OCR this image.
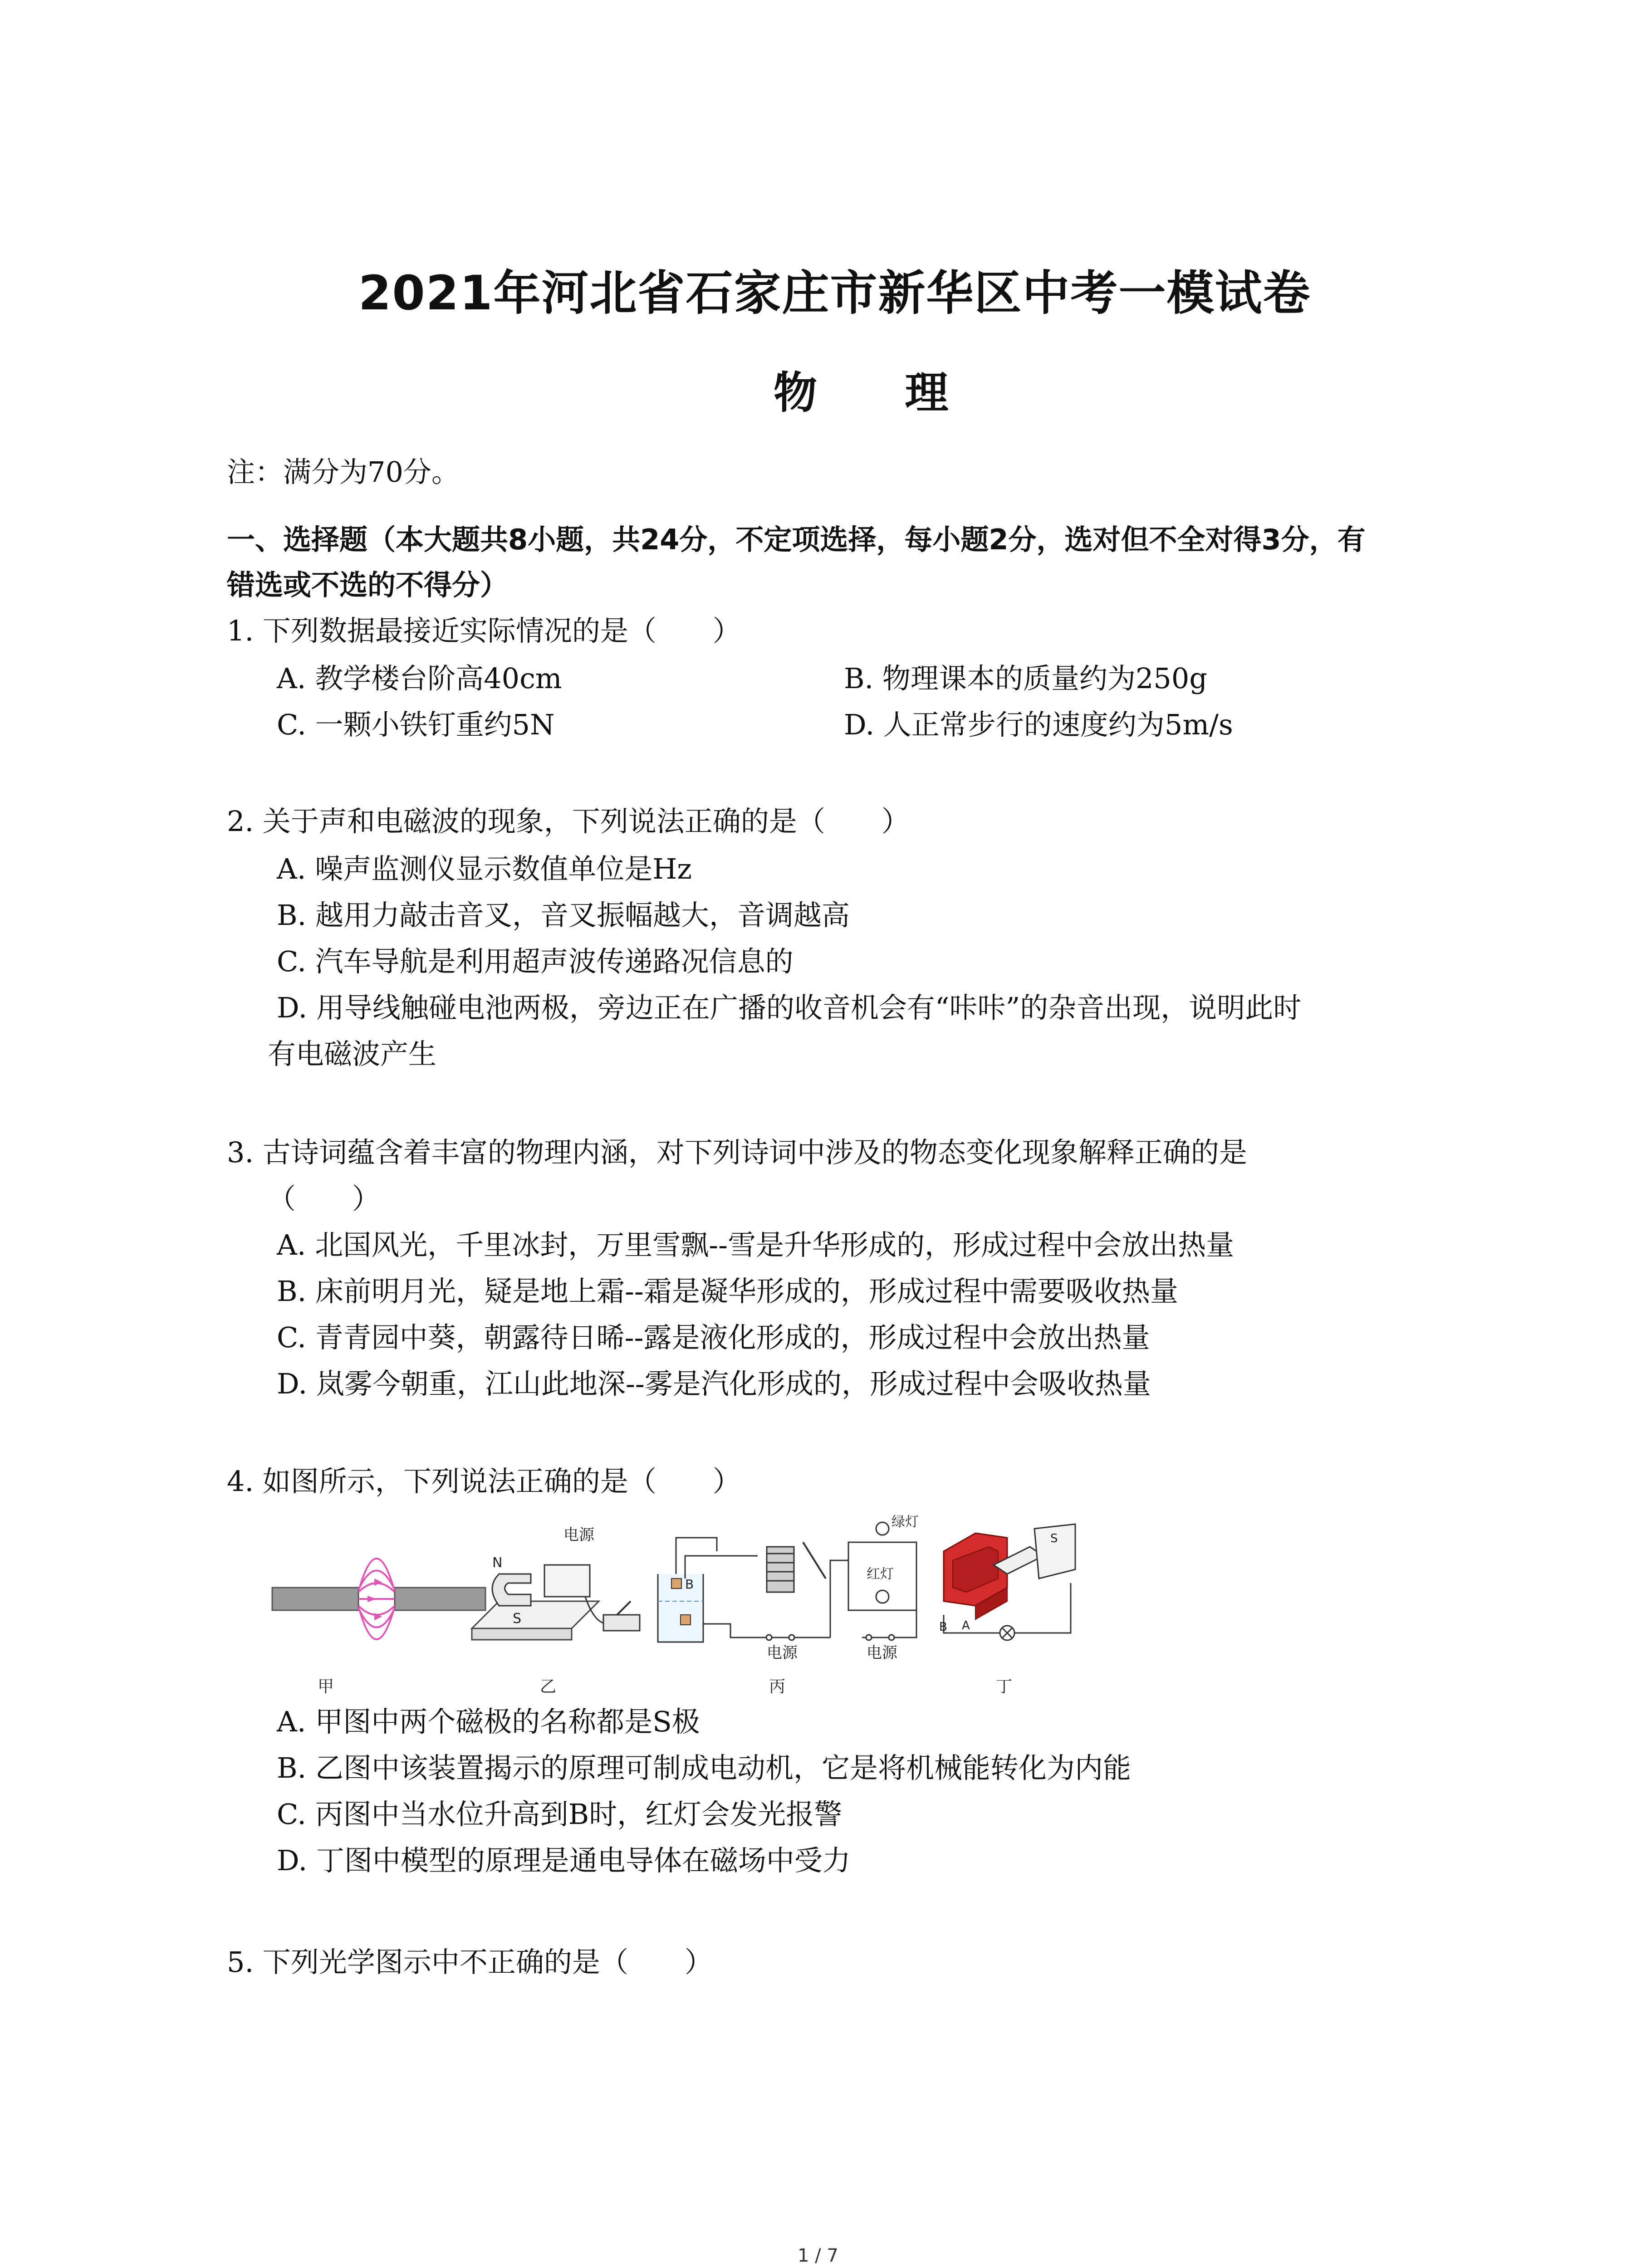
2021年河北省石家庄市新华区中考一模试卷
物 理
注：满分为70分。
一、选择题（本大题共8小题，共24分，不定项选择，每小题2分，选对但不全对得3分，有
错选或不选的不得分）
1. 下列数据最接近实际情况的是（　　）
A. 教学楼台阶高40cm	B. 物理课本的质量约为250g
C. 一颗小铁钉重约5N	D. 人正常步行的速度约为5m/s
2. 关于声和电磁波的现象，下列说法正确的是（　　）
A. 噪声监测仪显示数值单位是Hz
B. 越用力敲击音叉，音叉振幅越大，音调越高
C. 汽车导航是利用超声波传递路况信息的
D. 用导线触碰电池两极，旁边正在广播的收音机会有“咔咔”的杂音出现，说明此时
有电磁波产生
3. 古诗词蕴含着丰富的物理内涵，对下列诗词中涉及的物态变化现象解释正确的是
（　　）
A. 北国风光，千里冰封，万里雪飘--雪是升华形成的，形成过程中会放出热量
B. 床前明月光，疑是地上霜--霜是凝华形成的，形成过程中需要吸收热量
C. 青青园中葵，朝露待日晞--露是液化形成的，形成过程中会放出热量
D. 岚雾今朝重，江山此地深--雾是汽化形成的，形成过程中会吸收热量
4. 如图所示，下列说法正确的是（　　）
甲
N
S
电源
乙
B
电源
丙
绿灯
红灯
电源
S
B A
丁
A. 甲图中两个磁极的名称都是S极
B. 乙图中该装置揭示的原理可制成电动机，它是将机械能转化为内能
C. 丙图中当水位升高到B时，红灯会发光报警
D. 丁图中模型的原理是通电导体在磁场中受力
5. 下列光学图示中不正确的是（　　）
1 / 7
